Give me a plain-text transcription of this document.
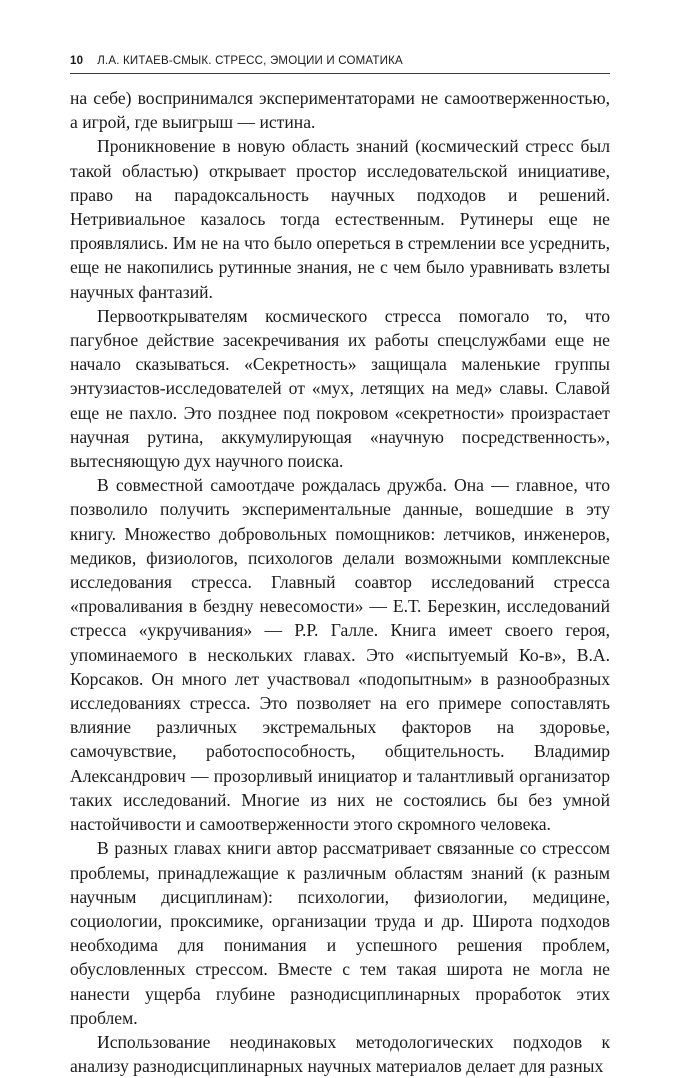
10 Л.А. КИТАЕВ-СМЫК. СТРЕСС, ЭМОЦИИ И СОМАТИКА

на себе) воспринимался экспериментаторами не самоотверженностью, а игрой, где выигрыш — истина.

Проникновение в новую область знаний (космический стресс был такой областью) открывает простор исследовательской инициативе, право на парадоксальность научных подходов и решений. Нетривиальное казалось тогда естественным. Рутинеры еще не проявлялись. Им не на что было опереться в стремлении все усреднить, еще не накопились рутинные знания, не с чем было уравнивать взлеты научных фантазий.

Первооткрывателям космического стресса помогало то, что пагубное действие засекречивания их работы спецслужбами еще не начало сказываться. «Секретность» защищала маленькие группы энтузиастов-исследователей от «мух, летящих на мед» славы. Славой еще не пахло. Это позднее под покровом «секретности» произрастает научная рутина, аккумулирующая «научную посредственность», вытесняющую дух научного поиска.

В совместной самоотдаче рождалась дружба. Она — главное, что позволило получить экспериментальные данные, вошедшие в эту книгу. Множество добровольных помощников: летчиков, инженеров, медиков, физиологов, психологов делали возможными комплексные исследования стресса. Главный соавтор исследований стресса «проваливания в бездну невесомости» — Е.Т. Березкин, исследований стресса «укручивания» — Р.Р. Галле. Книга имеет своего героя, упоминаемого в нескольких главах. Это «испытуемый Ко-в», В.А. Корсаков. Он много лет участвовал «подопытным» в разнообразных исследованиях стресса. Это позволяет на его примере сопоставлять влияние различных экстремальных факторов на здоровье, самочувствие, работоспособность, общительность. Владимир Александрович — прозорливый инициатор и талантливый организатор таких исследований. Многие из них не состоялись бы без умной настойчивости и самоотверженности этого скромного человека.

В разных главах книги автор рассматривает связанные со стрессом проблемы, принадлежащие к различным областям знаний (к разным научным дисциплинам): психологии, физиологии, медицине, социологии, проксимике, организации труда и др. Широта подходов необходима для понимания и успешного решения проблем, обусловленных стрессом. Вместе с тем такая широта не могла не нанести ущерба глубине разнодисциплинарных проработок этих проблем.

Использование неодинаковых методологических подходов к анализу разнодисциплинарных научных материалов делает для разных
